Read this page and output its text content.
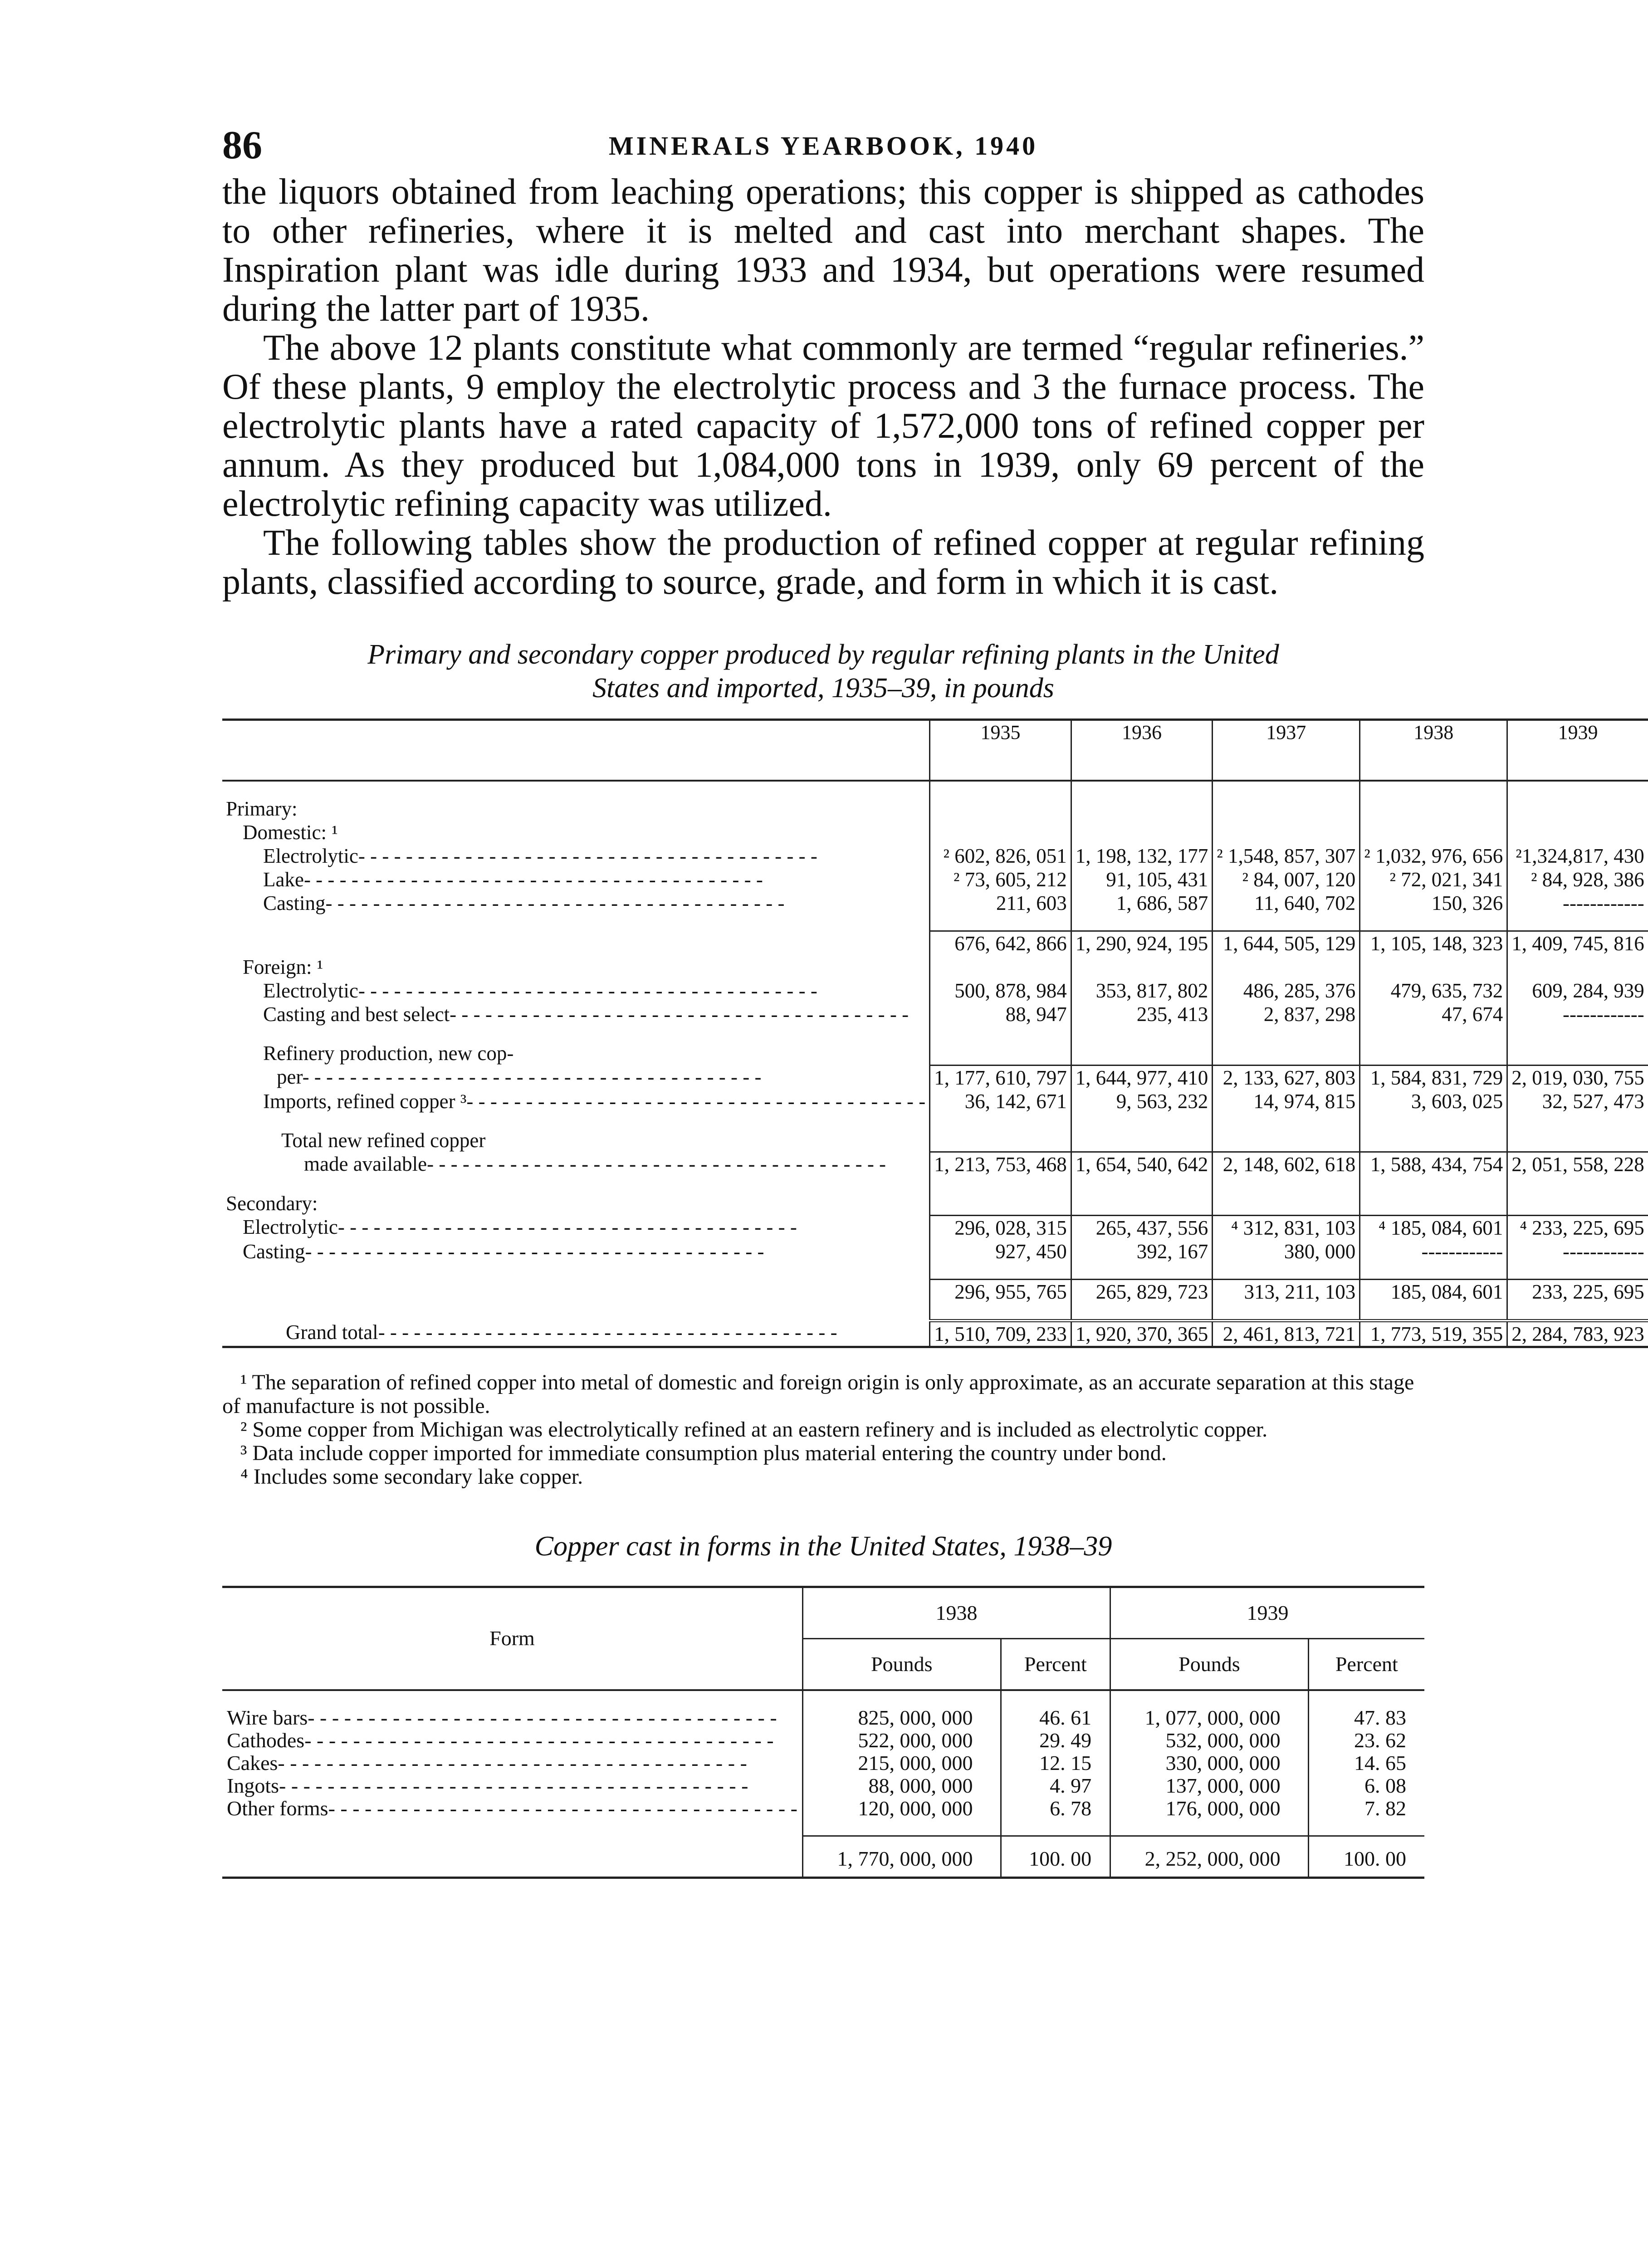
86	MINERALS YEARBOOK, 1940

the liquors obtained from leaching operations; this copper is shipped as cathodes to other refineries, where it is melted and cast into merchant shapes. The Inspiration plant was idle during 1933 and 1934, but operations were resumed during the latter part of 1935.

The above 12 plants constitute what commonly are termed “regular refineries.” Of these plants, 9 employ the electrolytic process and 3 the furnace process. The electrolytic plants have a rated capacity of 1,572,000 tons of refined copper per annum. As they produced but 1,084,000 tons in 1939, only 69 percent of the electrolytic refining capacity was utilized.

The following tables show the production of refined copper at regular refining plants, classified according to source, grade, and form in which it is cast.

Primary and secondary copper produced by regular refining plants in the United

States and imported, 1935–39, in pounds

	1935	1936	1937	1938	1939

Primary:					
Domestic: ¹					
Electrolytic - - -	² 602, 826, 051	1, 198, 132, 177	² 1,548, 857, 307	² 1,032, 976, 656	²1,324,817, 430
Lake - - -	² 73, 605, 212	91, 105, 431	² 84, 007, 120	² 72, 021, 341	² 84, 928, 386
Casting - - -	211, 603	1, 686, 587	11, 640, 702	150, 326	------------

	676, 642, 866	1, 290, 924, 195	1, 644, 505, 129	1, 105, 148, 323	1, 409, 745, 816
Foreign: ¹					
Electrolytic - - -	500, 878, 984	353, 817, 802	486, 285, 376	479, 635, 732	609, 284, 939
Casting and best select - - -	88, 947	235, 413	2, 837, 298	47, 674	------------

Refinery production, new cop-					
per - - -	1, 177, 610, 797	1, 644, 977, 410	2, 133, 627, 803	1, 584, 831, 729	2, 019, 030, 755
Imports, refined copper ³ - - -	36, 142, 671	9, 563, 232	14, 974, 815	3, 603, 025	32, 527, 473

Total new refined copper					
made available - - -	1, 213, 753, 468	1, 654, 540, 642	2, 148, 602, 618	1, 588, 434, 754	2, 051, 558, 228

Secondary:					
Electrolytic - - -	296, 028, 315	265, 437, 556	⁴ 312, 831, 103	⁴ 185, 084, 601	⁴ 233, 225, 695
Casting - - -	927, 450	392, 167	380, 000	------------	------------

	296, 955, 765	265, 829, 723	313, 211, 103	185, 084, 601	233, 225, 695

Grand total - - -	1, 510, 709, 233	1, 920, 370, 365	2, 461, 813, 721	1, 773, 519, 355	2, 284, 783, 923

¹ The separation of refined copper into metal of domestic and foreign origin is only approximate, as an accurate separation at this stage of manufacture is not possible.

² Some copper from Michigan was electrolytically refined at an eastern refinery and is included as electrolytic copper.

³ Data include copper imported for immediate consumption plus material entering the country under bond.

⁴ Includes some secondary lake copper.

Copper cast in forms in the United States, 1938–39

Form	1938		1939	
	Pounds	Percent	Pounds	Percent

Wire bars - - -	825, 000, 000	46. 61	1, 077, 000, 000	47. 83
Cathodes - - -	522, 000, 000	29. 49	532, 000, 000	23. 62
Cakes - - -	215, 000, 000	12. 15	330, 000, 000	14. 65
Ingots - - -	88, 000, 000	4. 97	137, 000, 000	6. 08
Other forms - - -	120, 000, 000	6. 78	176, 000, 000	7. 82

	1, 770, 000, 000	100. 00	2, 252, 000, 000	100. 00
